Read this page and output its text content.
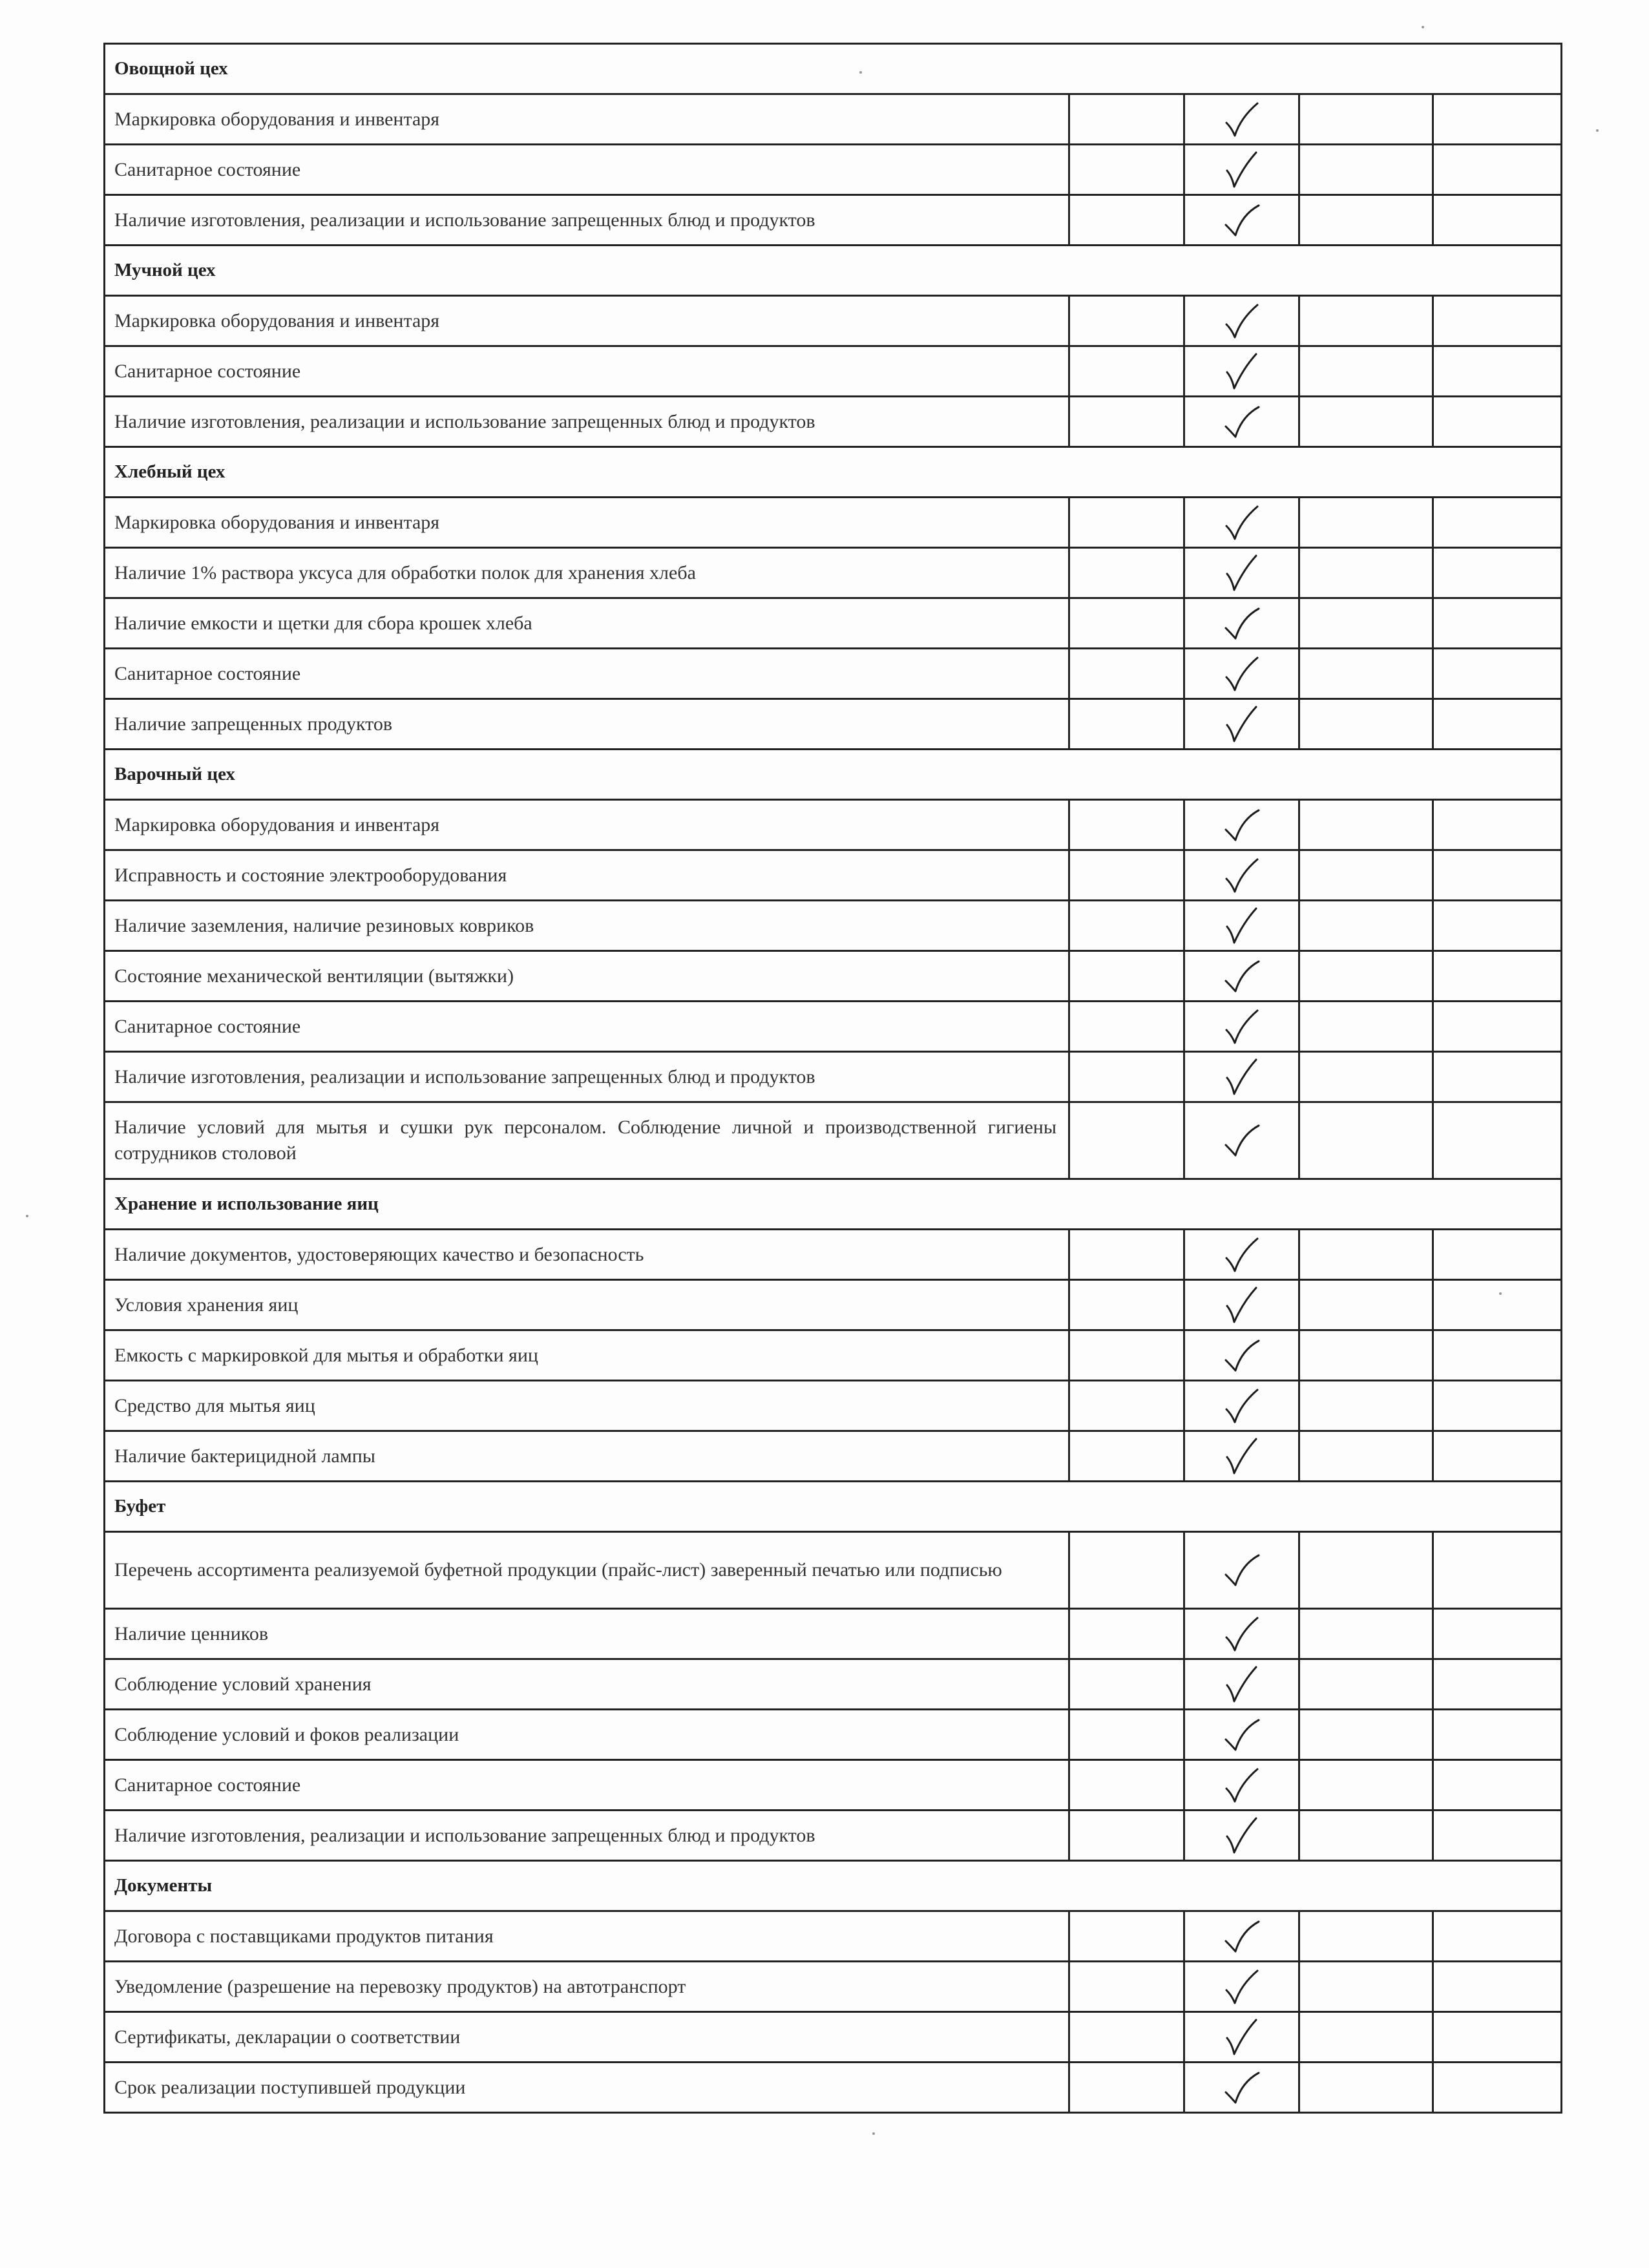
Овощной цех				
Маркировка оборудования и инвентаря		

Санитарное состояние		

Наличие изготовления, реализации и использование запрещенных блюд и продуктов		

Мучной цех				
Маркировка оборудования и инвентаря		

Санитарное состояние		

Наличие изготовления, реализации и использование запрещенных блюд и продуктов		

Хлебный цех				
Маркировка оборудования и инвентаря		

Наличие 1% раствора уксуса для обработки полок для хранения хлеба		

Наличие емкости и щетки для сбора крошек хлеба		

Санитарное состояние		

Наличие запрещенных продуктов		

Варочный цех				
Маркировка оборудования и инвентаря		

Исправность и состояние электрооборудования		

Наличие заземления, наличие резиновых ковриков		

Состояние механической вентиляции (вытяжки)		

Санитарное состояние		

Наличие изготовления, реализации и использование запрещенных блюд и продуктов		

Наличие условий для мытья и сушки рук персоналом. Соблюдение личной и производственной гигиены сотрудников столовой		

Хранение и использование яиц				
Наличие документов, удостоверяющих качество и безопасность		

Условия хранения яиц		

Емкость с маркировкой для мытья и обработки яиц		

Средство для мытья яиц		

Наличие бактерицидной лампы		

Буфет				
Перечень ассортимента реализуемой буфетной продукции (прайс-лист) заверенный печатью или подписью		

Наличие ценников		

Соблюдение условий хранения		

Соблюдение условий и фоков реализации		

Санитарное состояние		

Наличие изготовления, реализации и использование запрещенных блюд и продуктов		

Документы				
Договора с поставщиками продуктов питания		

Уведомление (разрешение на перевозку продуктов) на автотранспорт		

Сертификаты, декларации о соответствии		

Срок реализации поступившей продукции		
